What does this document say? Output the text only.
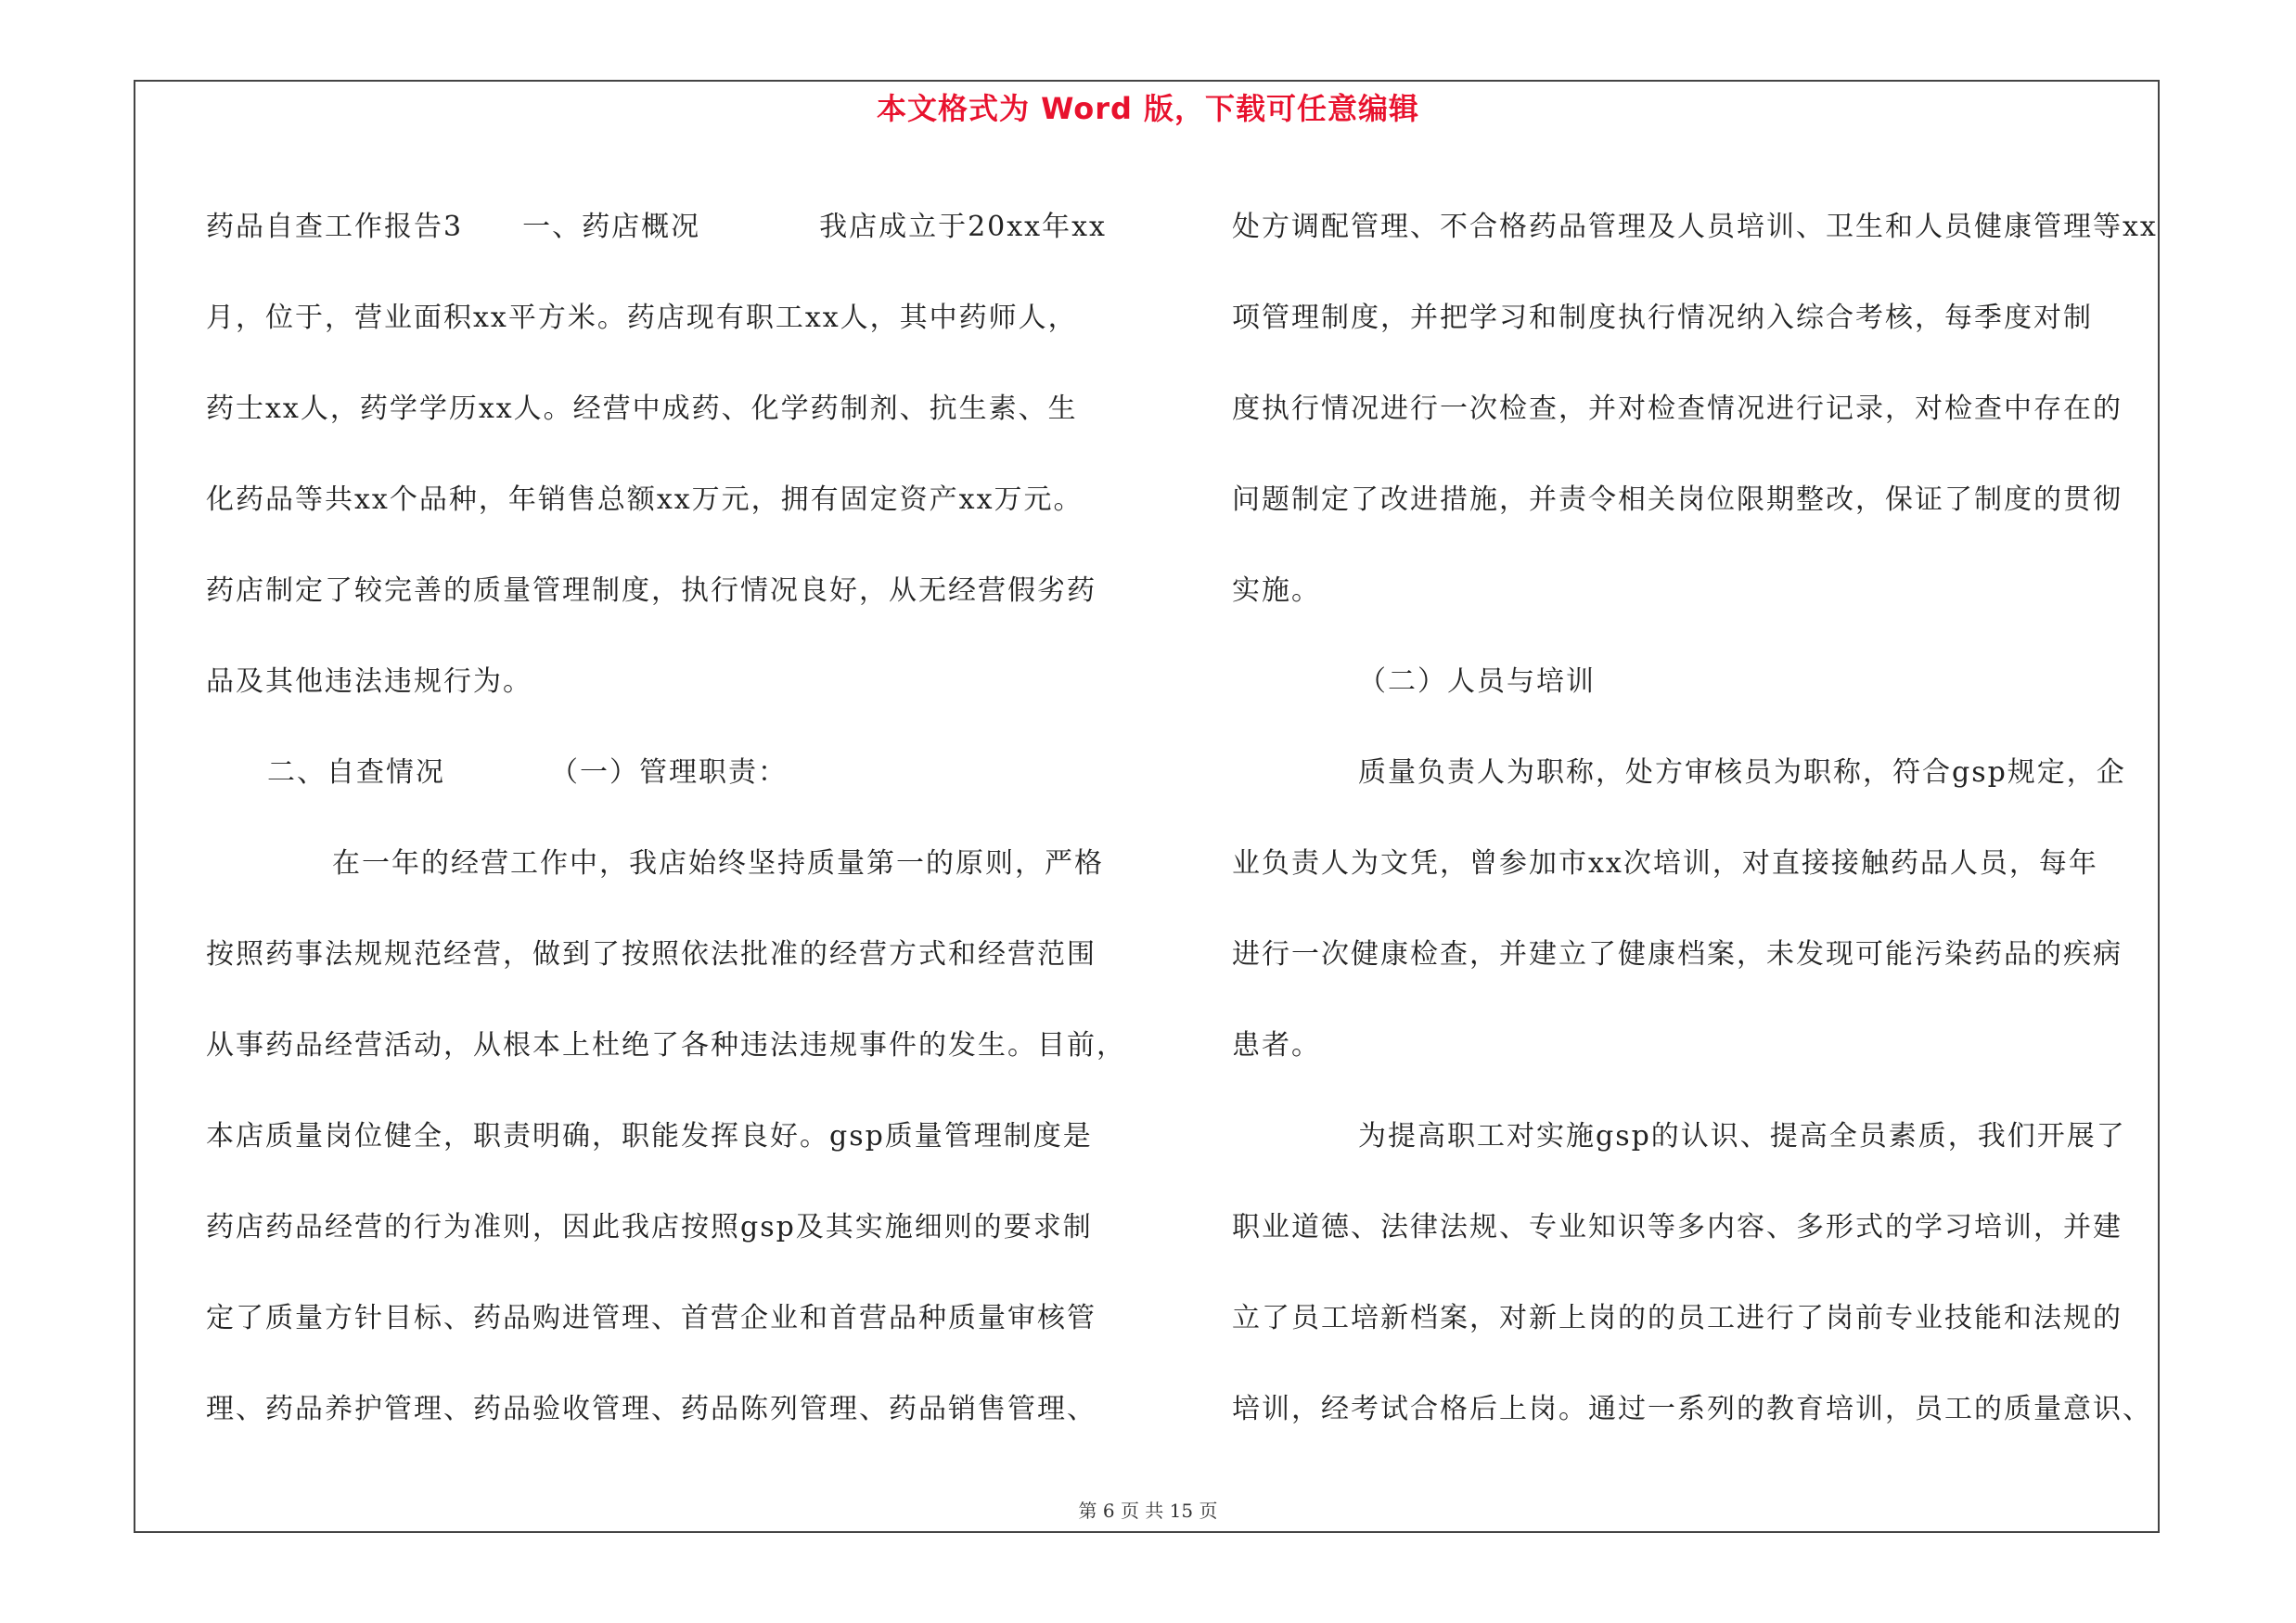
本文格式为 Word 版，下载可任意编辑
药品自查工作报告3　　一、药店概况　　　　我店成立于20xx年xx
月，位于，营业面积xx平方米。药店现有职工xx人，其中药师人，
药士xx人，药学学历xx人。经营中成药、化学药制剂、抗生素、生
化药品等共xx个品种，年销售总额xx万元，拥有固定资产xx万元。
药店制定了较完善的质量管理制度，执行情况良好，从无经营假劣药
品及其他违法违规行为。
二、自查情况　　　　（一）管理职责：
在一年的经营工作中，我店始终坚持质量第一的原则，严格
按照药事法规规范经营，做到了按照依法批准的经营方式和经营范围
从事药品经营活动，从根本上杜绝了各种违法违规事件的发生。目前，
本店质量岗位健全，职责明确，职能发挥良好。gsp质量管理制度是
药店药品经营的行为准则，因此我店按照gsp及其实施细则的要求制
定了质量方针目标、药品购进管理、首营企业和首营品种质量审核管
理、药品养护管理、药品验收管理、药品陈列管理、药品销售管理、
处方调配管理、不合格药品管理及人员培训、卫生和人员健康管理等xx
项管理制度，并把学习和制度执行情况纳入综合考核，每季度对制
度执行情况进行一次检查，并对检查情况进行记录，对检查中存在的
问题制定了改进措施，并责令相关岗位限期整改，保证了制度的贯彻
实施。
（二）人员与培训
质量负责人为职称，处方审核员为职称，符合gsp规定，企
业负责人为文凭，曾参加市xx次培训，对直接接触药品人员，每年
进行一次健康检查，并建立了健康档案，未发现可能污染药品的疾病
患者。
为提高职工对实施gsp的认识、提高全员素质，我们开展了
职业道德、法律法规、专业知识等多内容、多形式的学习培训，并建
立了员工培新档案，对新上岗的的员工进行了岗前专业技能和法规的
培训，经考试合格后上岗。通过一系列的教育培训，员工的质量意识、
第 6 页 共 15 页
